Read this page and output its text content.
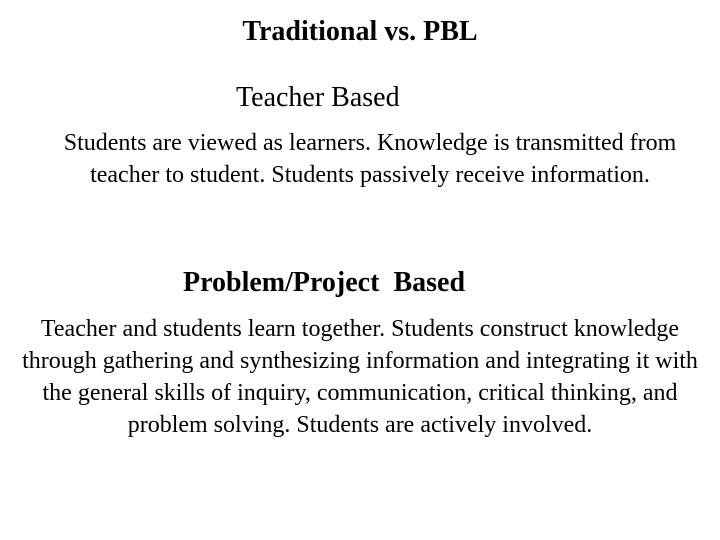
Traditional vs. PBL
Teacher Based
Students are viewed as learners. Knowledge is transmitted from teacher to student. Students passively receive information.
Problem/Project  Based
Teacher and students learn together. Students construct knowledge through gathering and synthesizing information and integrating it with the general skills of inquiry, communication, critical thinking, and problem solving. Students are actively involved.
